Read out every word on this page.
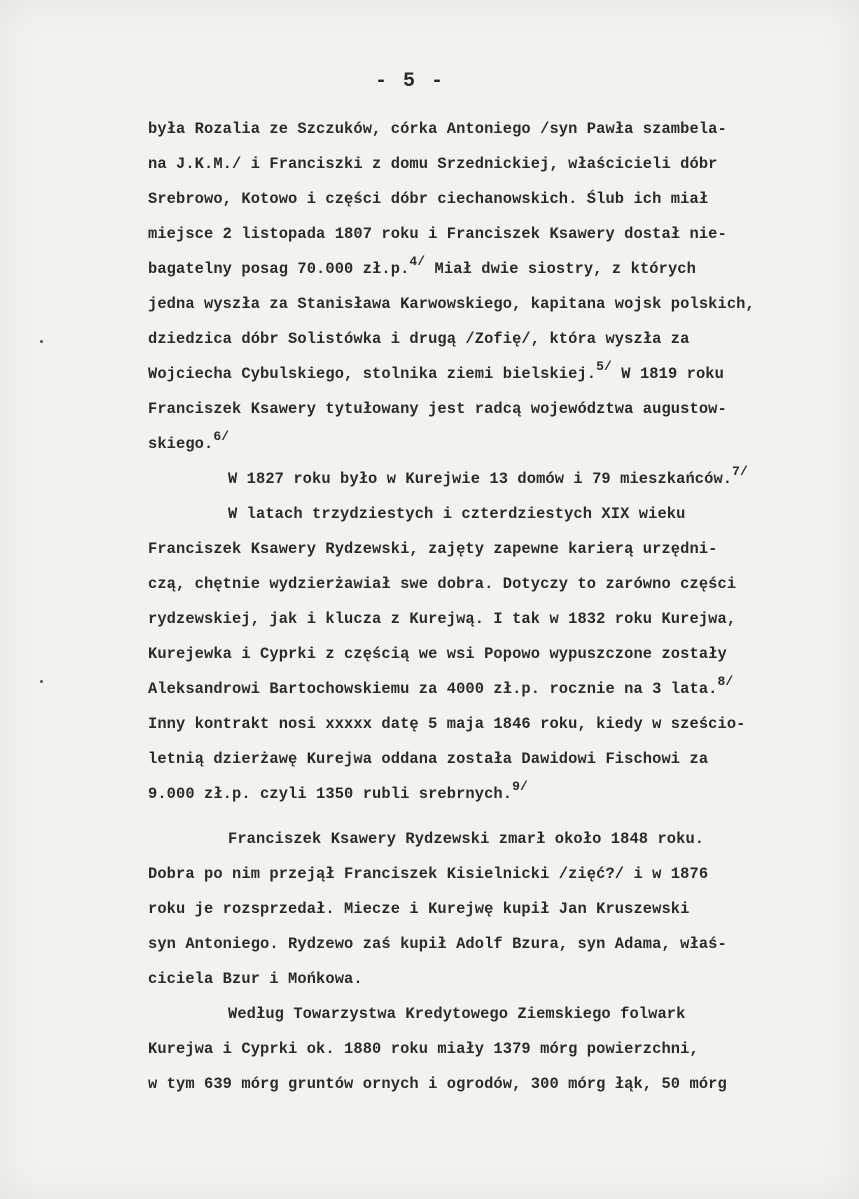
- 5 -
była Rozalia ze Szczuków, córka Antoniego /syn Pawła szambela-
na J.K.M./ i Franciszki z domu Srzednickiej, właścicieli dóbr
Srebrowo, Kotowo i części dóbr ciechanowskich. Ślub ich miał
miejsce 2 listopada 1807 roku i Franciszek Ksawery dostał nie-
bagatelny posag 70.000 zł.p.$^{4/}$ Miał dwie siostry, z których
jedna wyszła za Stanisława Karwowskiego, kapitana wojsk polskich,
dziedzica dóbr Solistówka i drugą /Zofię/, która wyszła za
Wojciecha Cybulskiego, stolnika ziemi bielskiej.$^{5/}$ W 1819 roku
Franciszek Ksawery tytułowany jest radcą województwa augustow-
skiego.$^{6/}$
W 1827 roku było w Kurejwie 13 domów i 79 mieszkańców.$^{7/}$
W latach trzydziestych i czterdziestych XIX wieku
Franciszek Ksawery Rydzewski, zajęty zapewne karierą urzędni-
czą, chętnie wydzierżawiał swe dobra. Dotyczy to zarówno części
rydzewskiej, jak i klucza z Kurejwą. I tak w 1832 roku Kurejwa,
Kurejewka i Cyprki z częścią we wsi Popowo wypuszczone zostały
Aleksandrowi Bartochowskiemu za 4000 zł.p. rocznie na 3 lata.$^{8/}$
Inny kontrakt nosi xxxxx datę 5 maja 1846 roku, kiedy w sześcio-
letnią dzierżawę Kurejwa oddana została Dawidowi Fischowi za
9.000 zł.p. czyli 1350 rubli srebrnych.$^{9/}$
Franciszek Ksawery Rydzewski zmarł około 1848 roku.
Dobra po nim przejął Franciszek Kisielnicki /zięć?/ i w 1876
roku je rozsprzedał. Miecze i Kurejwę kupił Jan Kruszewski
syn Antoniego. Rydzewo zaś kupił Adolf Bzura, syn Adama, właś-
ciciela Bzur i Mońkowa.
Według Towarzystwa Kredytowego Ziemskiego folwark
Kurejwa i Cyprki ok. 1880 roku miały 1379 mórg powierzchni,
w tym 639 mórg gruntów ornych i ogrodów, 300 mórg łąk, 50 mórg
